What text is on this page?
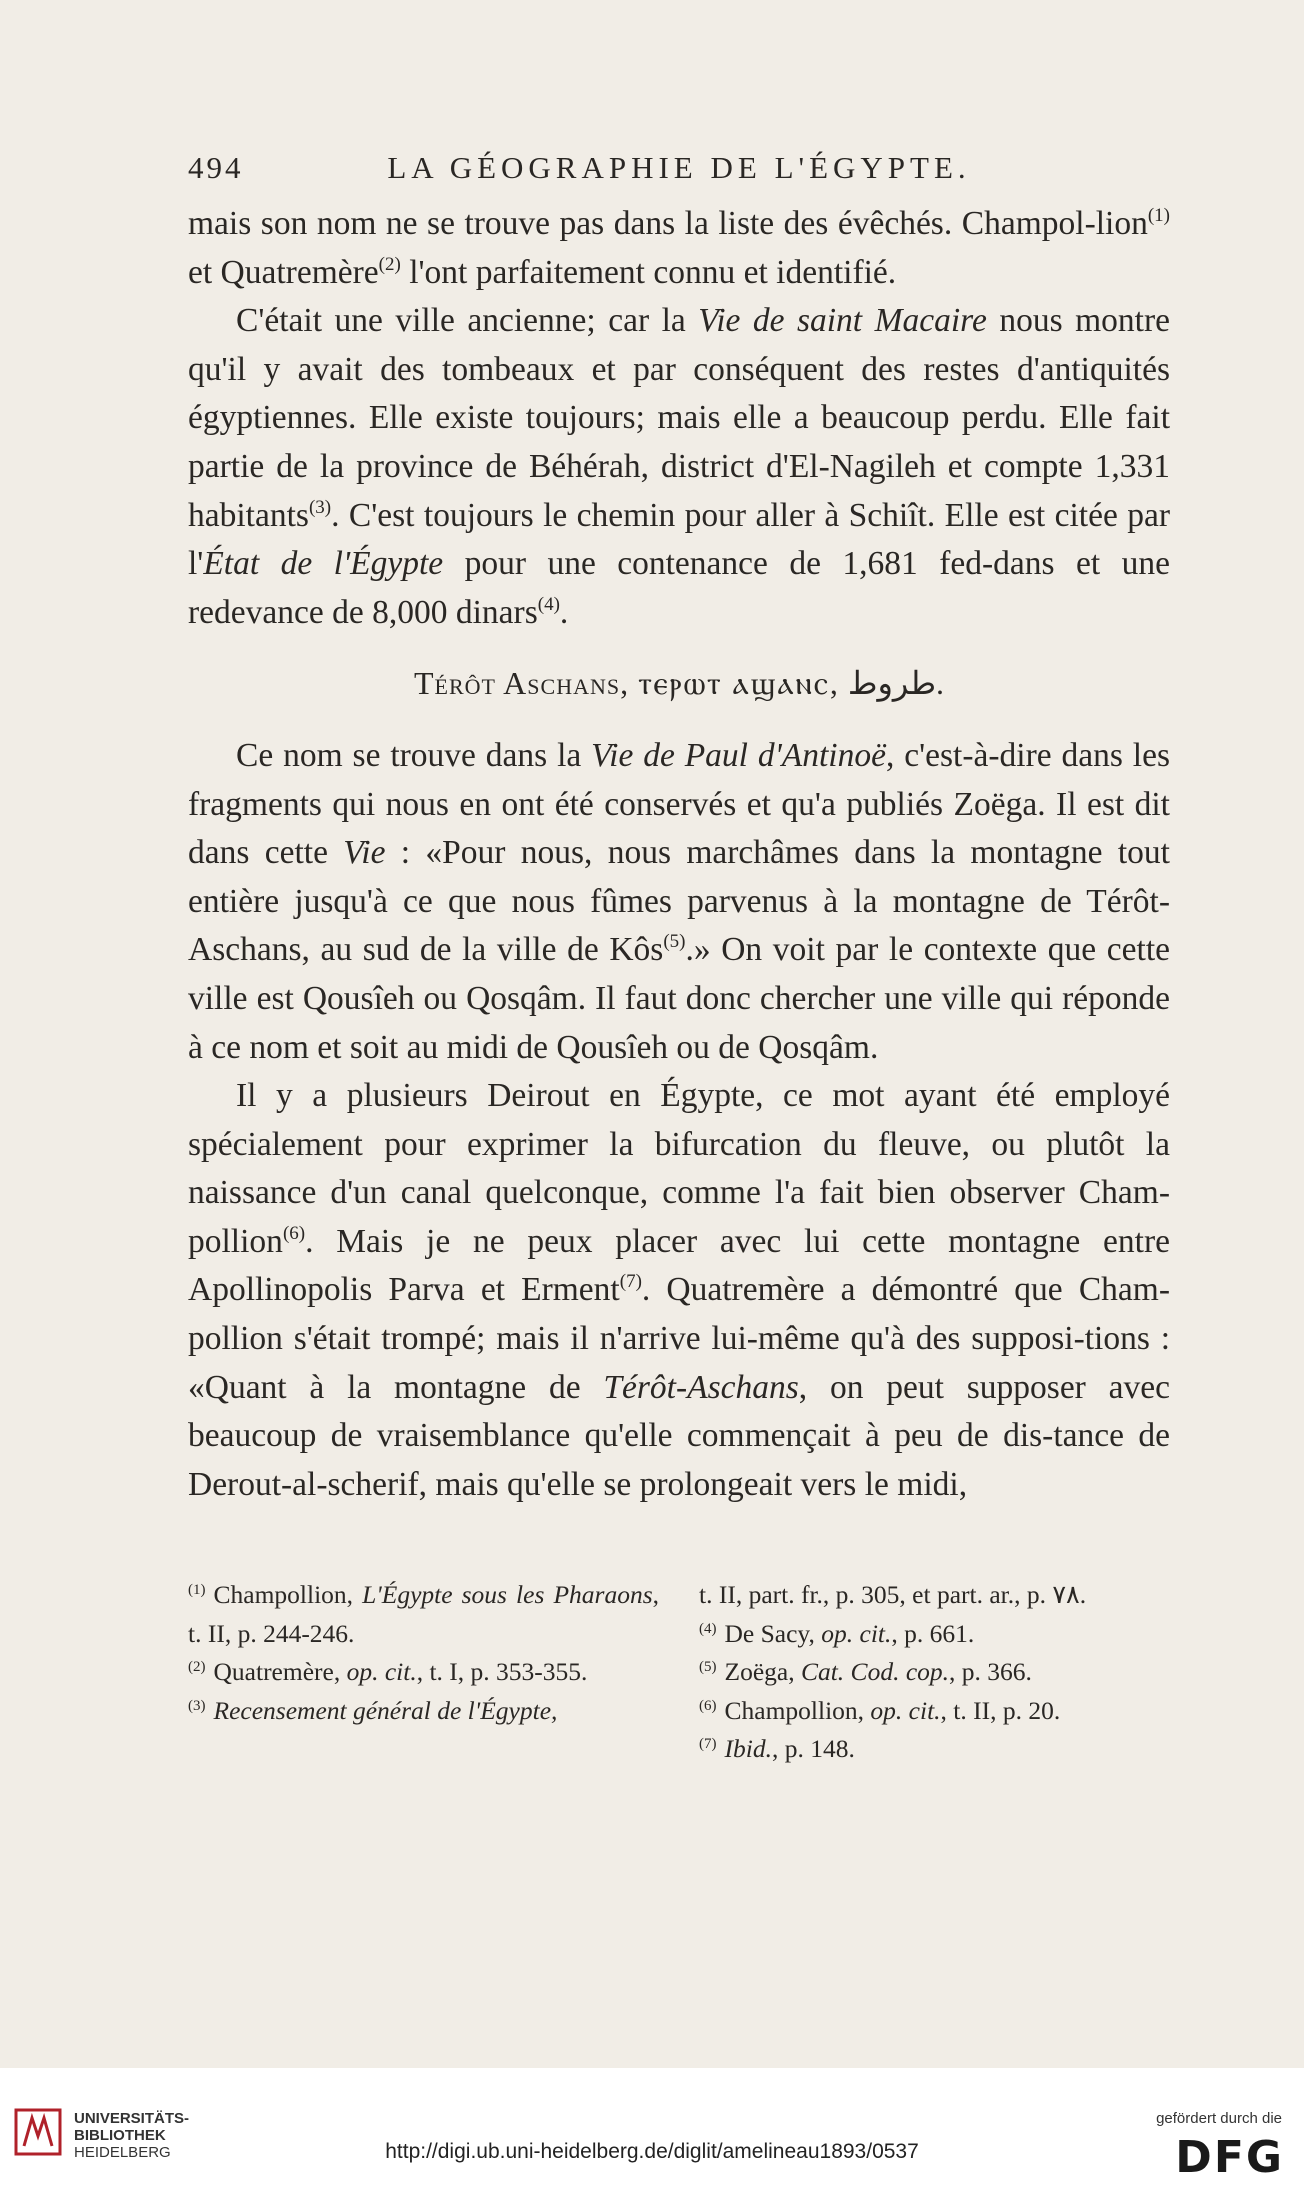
494	LA GÉOGRAPHIE DE L'ÉGYPTE.

mais son nom ne se trouve pas dans la liste des évêchés. Champol-lion$^{(1)}$ et Quatremère$^{(2)}$ l'ont parfaitement connu et identifié.

C'était une ville ancienne; car la Vie de saint Macaire nous montre qu'il y avait des tombeaux et par conséquent des restes d'antiquités égyptiennes. Elle existe toujours; mais elle a beaucoup perdu. Elle fait partie de la province de Béhérah, district d'El-Nagileh et compte 1,331 habitants$^{(3)}$. C'est toujours le chemin pour aller à Schiît. Elle est citée par l'État de l'Égypte pour une contenance de 1,681 fed-dans et une redevance de 8,000 dinars$^{(4)}$.

Térôt Aschans, ⲧⲉⲣⲱⲧ ⲁϣⲁⲛⲥ, طروط.

Ce nom se trouve dans la Vie de Paul d'Antinoë, c'est-à-dire dans les fragments qui nous en ont été conservés et qu'a publiés Zoëga. Il est dit dans cette Vie : «Pour nous, nous marchâmes dans la montagne tout entière jusqu'à ce que nous fûmes parvenus à la montagne de Térôt-Aschans, au sud de la ville de Kôs$^{(5)}$.» On voit par le contexte que cette ville est Qousîeh ou Qosqâm. Il faut donc chercher une ville qui réponde à ce nom et soit au midi de Qousîeh ou de Qosqâm.

Il y a plusieurs Deirout en Égypte, ce mot ayant été employé spécialement pour exprimer la bifurcation du fleuve, ou plutôt la naissance d'un canal quelconque, comme l'a fait bien observer Cham-pollion$^{(6)}$. Mais je ne peux placer avec lui cette montagne entre Apollinopolis Parva et Erment$^{(7)}$. Quatremère a démontré que Cham-pollion s'était trompé; mais il n'arrive lui-même qu'à des supposi-tions : «Quant à la montagne de Térôt-Aschans, on peut supposer avec beaucoup de vraisemblance qu'elle commençait à peu de dis-tance de Derout-al-scherif, mais qu'elle se prolongeait vers le midi,

$^{(1)}$ Champollion, L'Égypte sous les Pharaons, t. II, p. 244-246.

$^{(2)}$ Quatremère, op. cit., t. I, p. 353-355.

$^{(3)}$ Recensement général de l'Égypte,

t. II, part. fr., p. 305, et part. ar., p. ۷۸.

$^{(4)}$ De Sacy, op. cit., p. 661.

$^{(5)}$ Zoëga, Cat. Cod. cop., p. 366.

$^{(6)}$ Champollion, op. cit., t. II, p. 20.

$^{(7)}$ Ibid., p. 148.

UNIVERSITÄTS-
BIBLIOTHEK
HEIDELBERG	http://digi.ub.uni-heidelberg.de/diglit/amelineau1893/0537
gefördert durch die
DFG
